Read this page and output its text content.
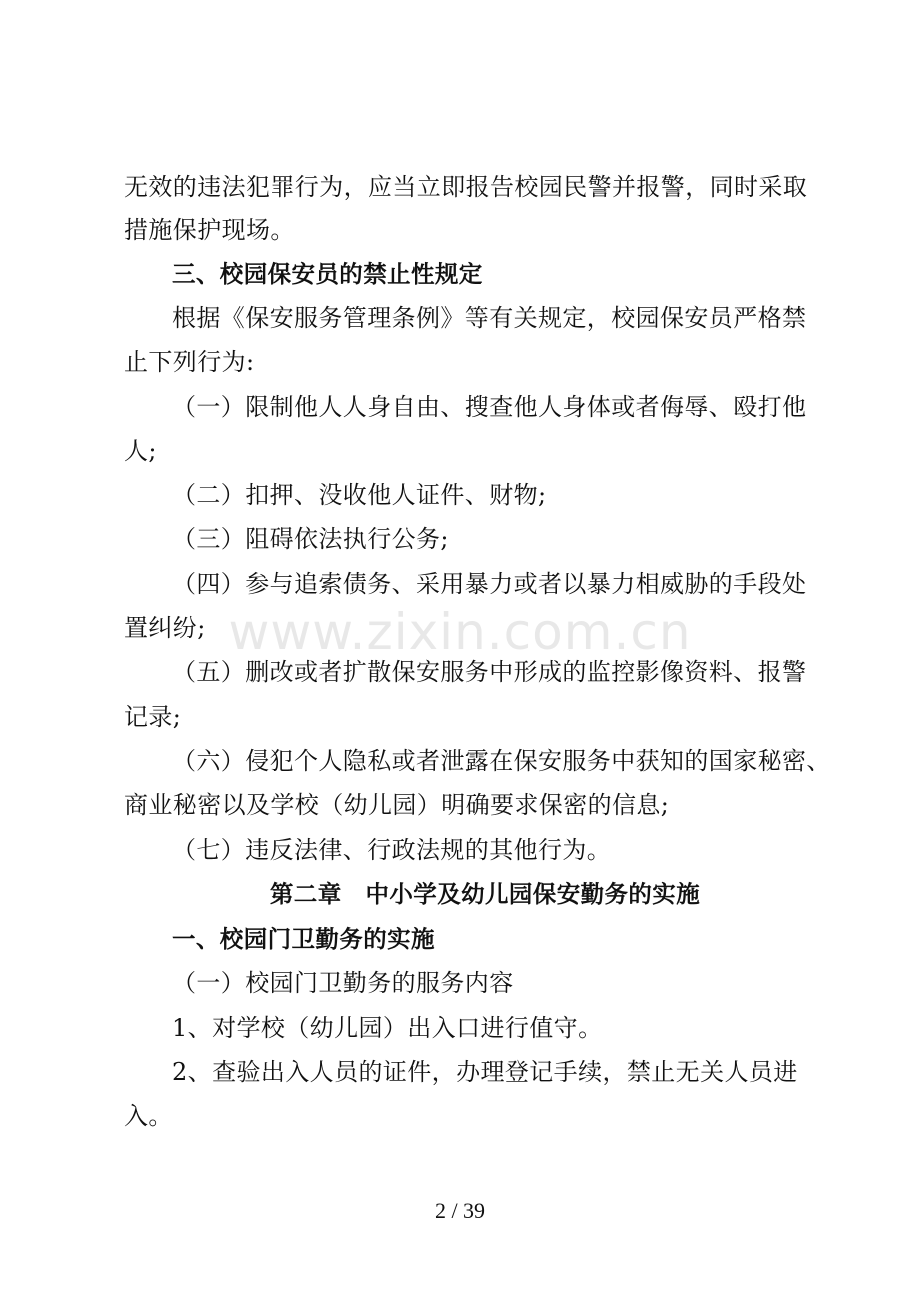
www.zixin.com.cn
无效的违法犯罪行为，应当立即报告校园民警并报警，同时采取
措施保护现场。
三、校园保安员的禁止性规定
根据《保安服务管理条例》等有关规定，校园保安员严格禁
止下列行为:
（一）限制他人人身自由、搜查他人身体或者侮辱、殴打他
人;
（二）扣押、没收他人证件、财物;
（三）阻碍依法执行公务;
（四）参与追索债务、采用暴力或者以暴力相威胁的手段处
置纠纷;
（五）删改或者扩散保安服务中形成的监控影像资料、报警
记录;
（六）侵犯个人隐私或者泄露在保安服务中获知的国家秘密、
商业秘密以及学校（幼儿园）明确要求保密的信息;
（七）违反法律、行政法规的其他行为。
第二章　中小学及幼儿园保安勤务的实施
一、校园门卫勤务的实施
（一）校园门卫勤务的服务内容
1、对学校（幼儿园）出入口进行值守。
2、查验出入人员的证件，办理登记手续，禁止无关人员进
入。
2 / 39
